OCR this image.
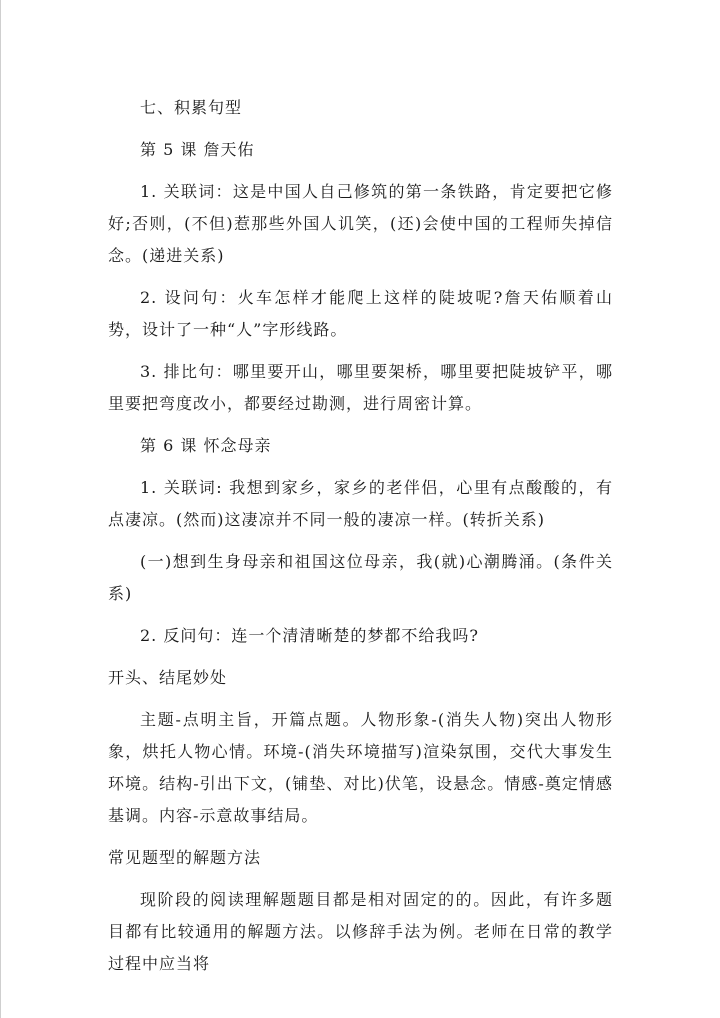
七、积累句型

第 5 课 詹天佑

1. 关联词：这是中国人自己修筑的第一条铁路，肯定要把它修好;否则，(不但)惹那些外国人讥笑，(还)会使中国的工程师失掉信念。(递进关系)

2. 设问句：火车怎样才能爬上这样的陡坡呢?詹天佑顺着山势，设计了一种“人”字形线路。

3. 排比句：哪里要开山，哪里要架桥，哪里要把陡坡铲平，哪里要把弯度改小，都要经过勘测，进行周密计算。

第 6 课 怀念母亲

1. 关联词: 我想到家乡，家乡的老伴侣，心里有点酸酸的，有点凄凉。(然而)这凄凉并不同一般的凄凉一样。(转折关系)

(一)想到生身母亲和祖国这位母亲，我(就)心潮腾涌。(条件关系)

2. 反问句：连一个清清晰楚的梦都不给我吗?

开头、结尾妙处

主题-点明主旨，开篇点题。人物形象-(消失人物)突出人物形象，烘托人物心情。环境-(消失环境描写)渲染氛围，交代大事发生环境。结构-引出下文，(铺垫、对比)伏笔，设悬念。情感-奠定情感基调。内容-示意故事结局。

常见题型的解题方法

现阶段的阅读理解题题目都是相对固定的的。因此，有许多题目都有比较通用的解题方法。以修辞手法为例。老师在日常的教学过程中应当将
